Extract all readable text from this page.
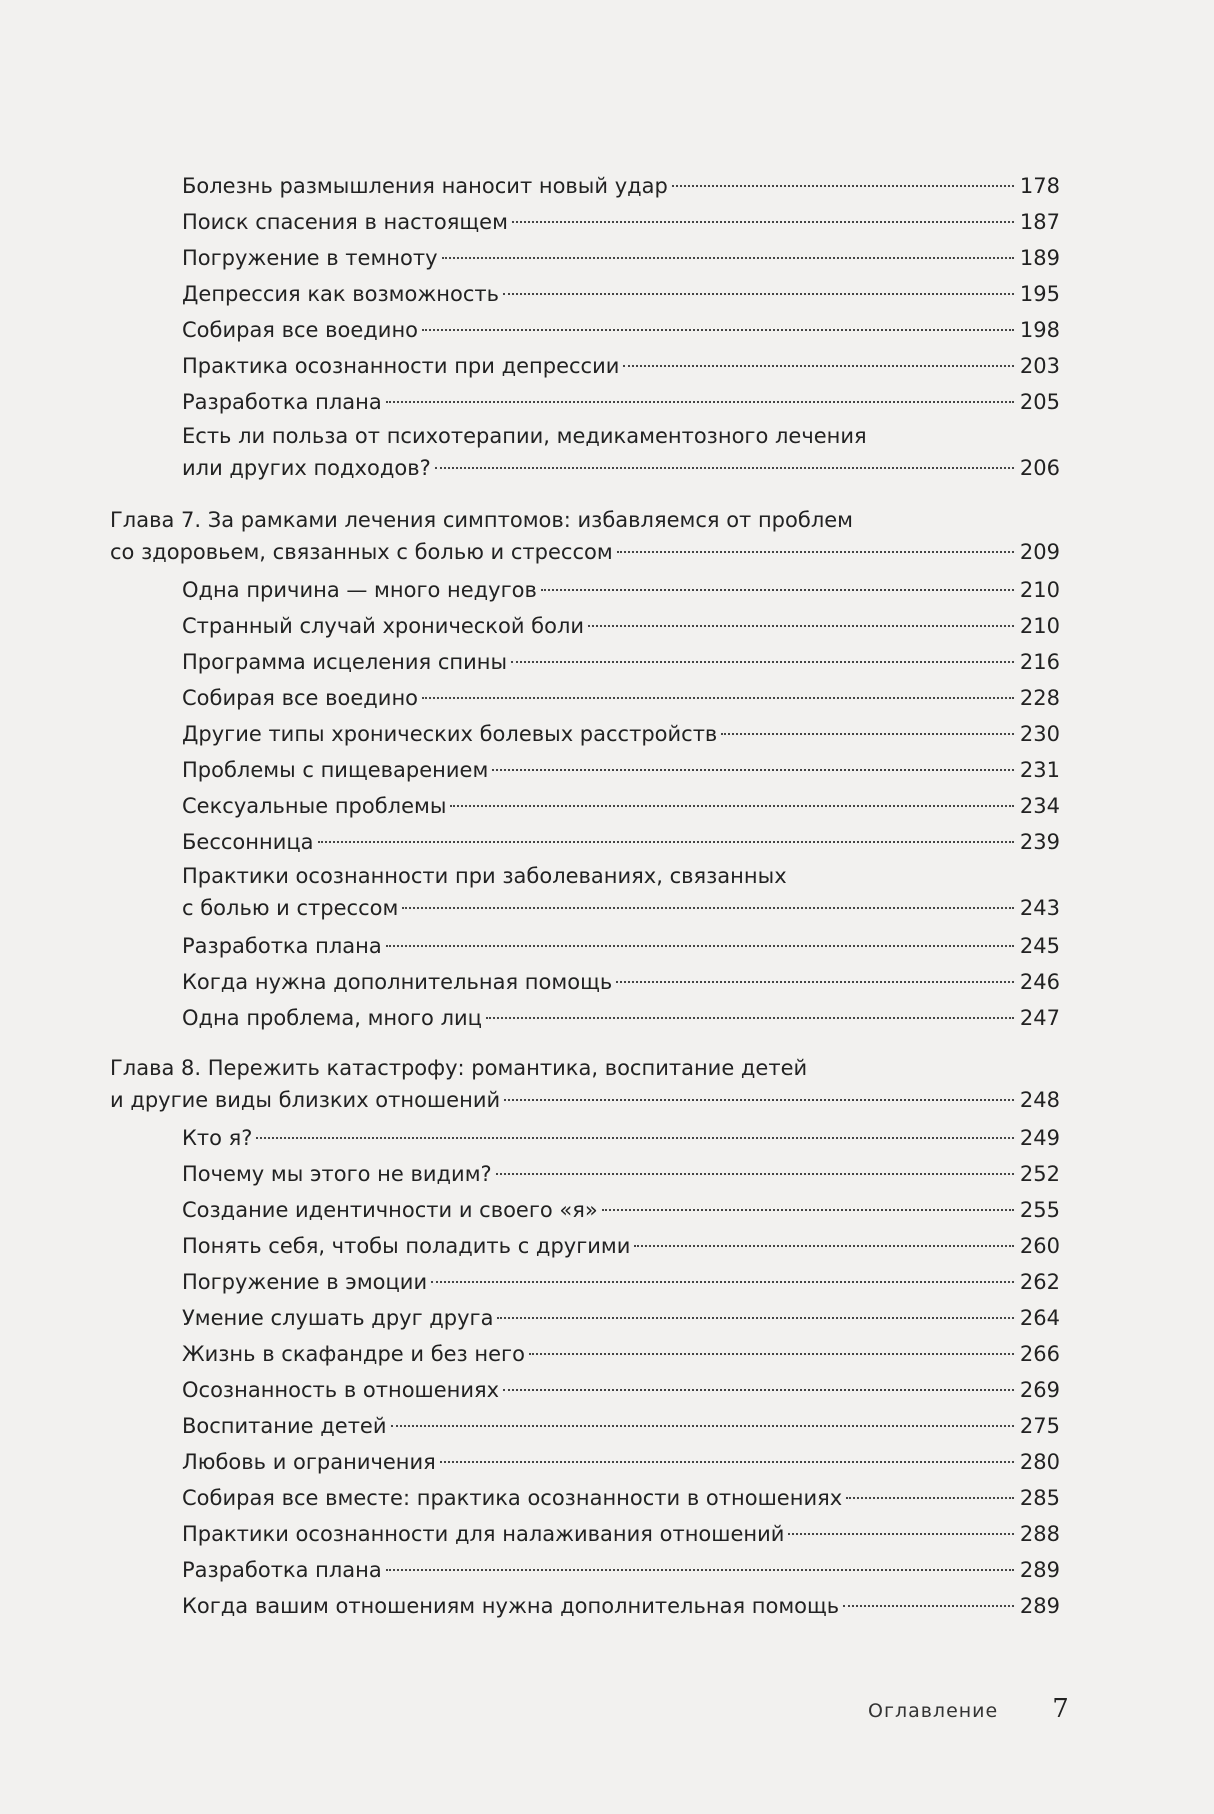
Болезнь размышления наносит новый удар	178
Поиск спасения в настоящем	187
Погружение в темноту	189
Депрессия как возможность	195
Собирая все воедино	198
Практика осознанности при депрессии	203
Разработка плана	205
Есть ли польза от психотерапии, медикаментозного лечения
или других подходов?	206
Глава 7. За рамками лечения симптомов: избавляемся от проблем
со здоровьем, связанных с болью и стрессом	209
Одна причина — много недугов	210
Странный случай хронической боли	210
Программа исцеления спины	216
Собирая все воедино	228
Другие типы хронических болевых расстройств	230
Проблемы с пищеварением	231
Сексуальные проблемы	234
Бессонница	239
Практики осознанности при заболеваниях, связанных
с болью и стрессом	243
Разработка плана	245
Когда нужна дополнительная помощь	246
Одна проблема, много лиц	247
Глава 8. Пережить катастрофу: романтика, воспитание детей
и другие виды близких отношений	248
Кто я?	249
Почему мы этого не видим?	252
Создание идентичности и своего «я»	255
Понять себя, чтобы поладить с другими	260
Погружение в эмоции	262
Умение слушать друг друга	264
Жизнь в скафандре и без него	266
Осознанность в отношениях	269
Воспитание детей	275
Любовь и ограничения	280
Собирая все вместе: практика осознанности в отношениях	285
Практики осознанности для налаживания отношений	288
Разработка плана	289
Когда вашим отношениям нужна дополнительная помощь	289
Оглавление 7
